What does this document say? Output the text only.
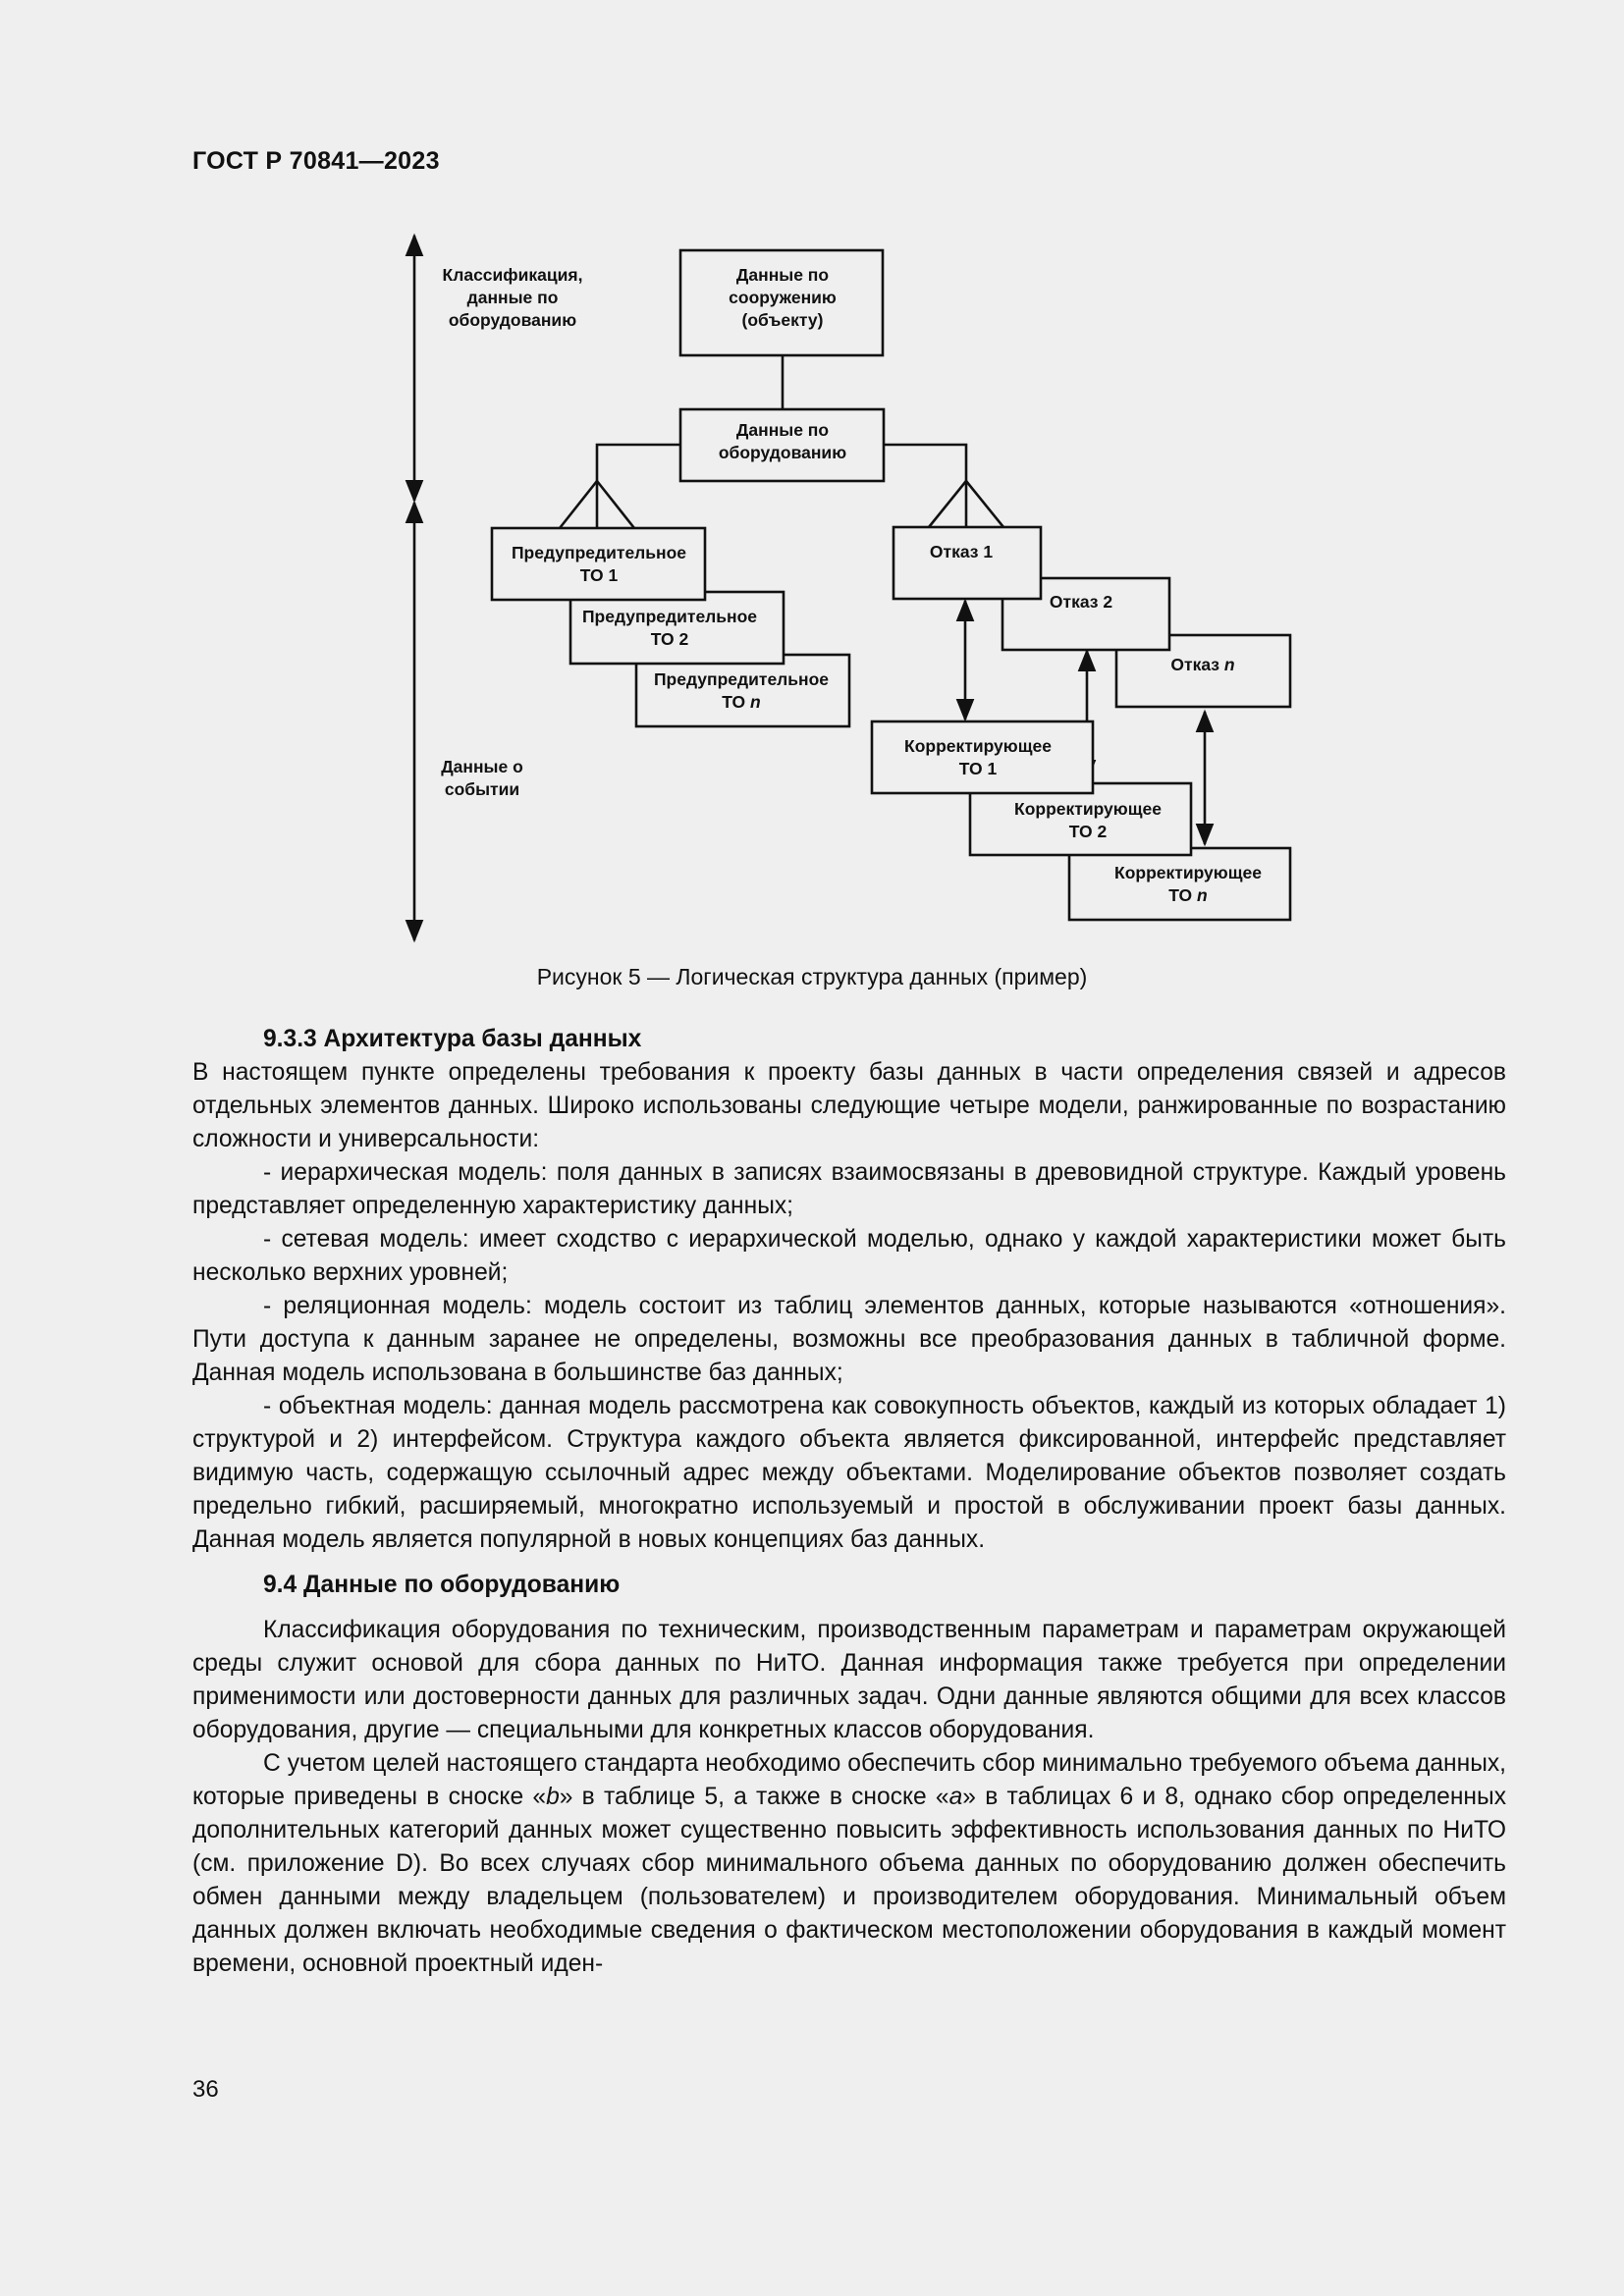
ГОСТ Р 70841—2023
Классификация, данные по оборудованию
Данные о событии
Данные по сооружению (объекту)
Данные по оборудованию
Предупредительное ТО 1
Предупредительное ТО 2
Предупредительное ТО n
Отказ 1
Отказ 2
Отказ n
Корректирующее ТО 1
Корректирующее ТО 2
Корректирующее ТО n
Рисунок 5 — Логическая структура данных (пример)

9.3.3 Архитектура базы данных

В настоящем пункте определены требования к проекту базы данных в части определения связей и адресов отдельных элементов данных. Широко использованы следующие четыре модели, ранжированные по возрастанию сложности и универсальности:

- иерархическая модель: поля данных в записях взаимосвязаны в древовидной структуре. Каждый уровень представляет определенную характеристику данных;

- сетевая модель: имеет сходство с иерархической моделью, однако у каждой характеристики может быть несколько верхних уровней;

- реляционная модель: модель состоит из таблиц элементов данных, которые называются «отношения». Пути доступа к данным заранее не определены, возможны все преобразования данных в табличной форме. Данная модель использована в большинстве баз данных;

- объектная модель: данная модель рассмотрена как совокупность объектов, каждый из которых обладает 1) структурой и 2) интерфейсом. Структура каждого объекта является фиксированной, интерфейс представляет видимую часть, содержащую ссылочный адрес между объектами. Моделирование объектов позволяет создать предельно гибкий, расширяемый, многократно используемый и простой в обслуживании проект базы данных. Данная модель является популярной в новых концепциях баз данных.

9.4 Данные по оборудованию

Классификация оборудования по техническим, производственным параметрам и параметрам окружающей среды служит основой для сбора данных по НиТО. Данная информация также требуется при определении применимости или достоверности данных для различных задач. Одни данные являются общими для всех классов оборудования, другие — специальными для конкретных классов оборудования.

С учетом целей настоящего стандарта необходимо обеспечить сбор минимально требуемого объема данных, которые приведены в сноске «b» в таблице 5, а также в сноске «a» в таблицах 6 и 8, однако сбор определенных дополнительных категорий данных может существенно повысить эффективность использования данных по НиТО (см. приложение D). Во всех случаях сбор минимального объема данных по оборудованию должен обеспечить обмен данными между владельцем (пользователем) и производителем оборудования. Минимальный объем данных должен включать необходимые сведения о фактическом местоположении оборудования в каждый момент времени, основной проектный иден-

36
